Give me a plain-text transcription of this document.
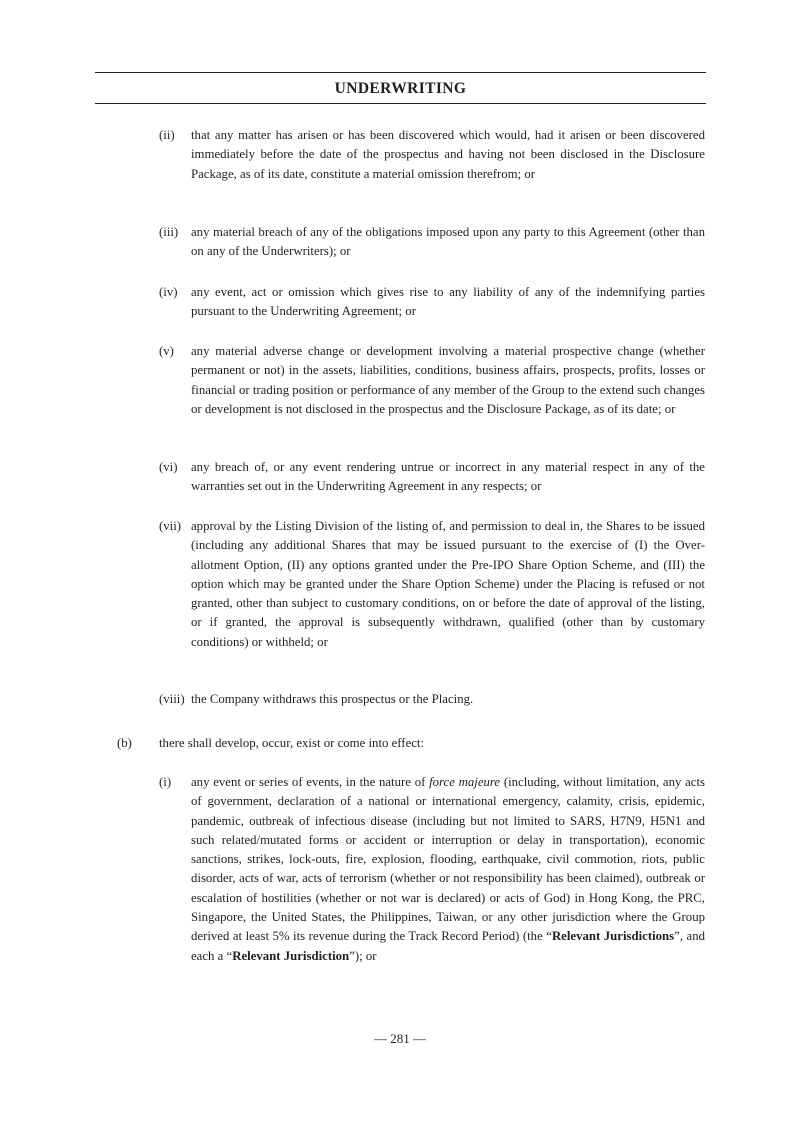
UNDERWRITING
(ii) that any matter has arisen or has been discovered which would, had it arisen or been discovered immediately before the date of the prospectus and having not been disclosed in the Disclosure Package, as of its date, constitute a material omission therefrom; or
(iii) any material breach of any of the obligations imposed upon any party to this Agreement (other than on any of the Underwriters); or
(iv) any event, act or omission which gives rise to any liability of any of the indemnifying parties pursuant to the Underwriting Agreement; or
(v) any material adverse change or development involving a material prospective change (whether permanent or not) in the assets, liabilities, conditions, business affairs, prospects, profits, losses or financial or trading position or performance of any member of the Group to the extend such changes or development is not disclosed in the prospectus and the Disclosure Package, as of its date; or
(vi) any breach of, or any event rendering untrue or incorrect in any material respect in any of the warranties set out in the Underwriting Agreement in any respects; or
(vii) approval by the Listing Division of the listing of, and permission to deal in, the Shares to be issued (including any additional Shares that may be issued pursuant to the exercise of (I) the Over-allotment Option, (II) any options granted under the Pre-IPO Share Option Scheme, and (III) the option which may be granted under the Share Option Scheme) under the Placing is refused or not granted, other than subject to customary conditions, on or before the date of approval of the listing, or if granted, the approval is subsequently withdrawn, qualified (other than by customary conditions) or withheld; or
(viii) the Company withdraws this prospectus or the Placing.
(b) there shall develop, occur, exist or come into effect:
(i) any event or series of events, in the nature of force majeure (including, without limitation, any acts of government, declaration of a national or international emergency, calamity, crisis, epidemic, pandemic, outbreak of infectious disease (including but not limited to SARS, H7N9, H5N1 and such related/mutated forms or accident or interruption or delay in transportation), economic sanctions, strikes, lock-outs, fire, explosion, flooding, earthquake, civil commotion, riots, public disorder, acts of war, acts of terrorism (whether or not responsibility has been claimed), outbreak or escalation of hostilities (whether or not war is declared) or acts of God) in Hong Kong, the PRC, Singapore, the United States, the Philippines, Taiwan, or any other jurisdiction where the Group derived at least 5% its revenue during the Track Record Period) (the “Relevant Jurisdictions”, and each a “Relevant Jurisdiction”); or
— 281 —
